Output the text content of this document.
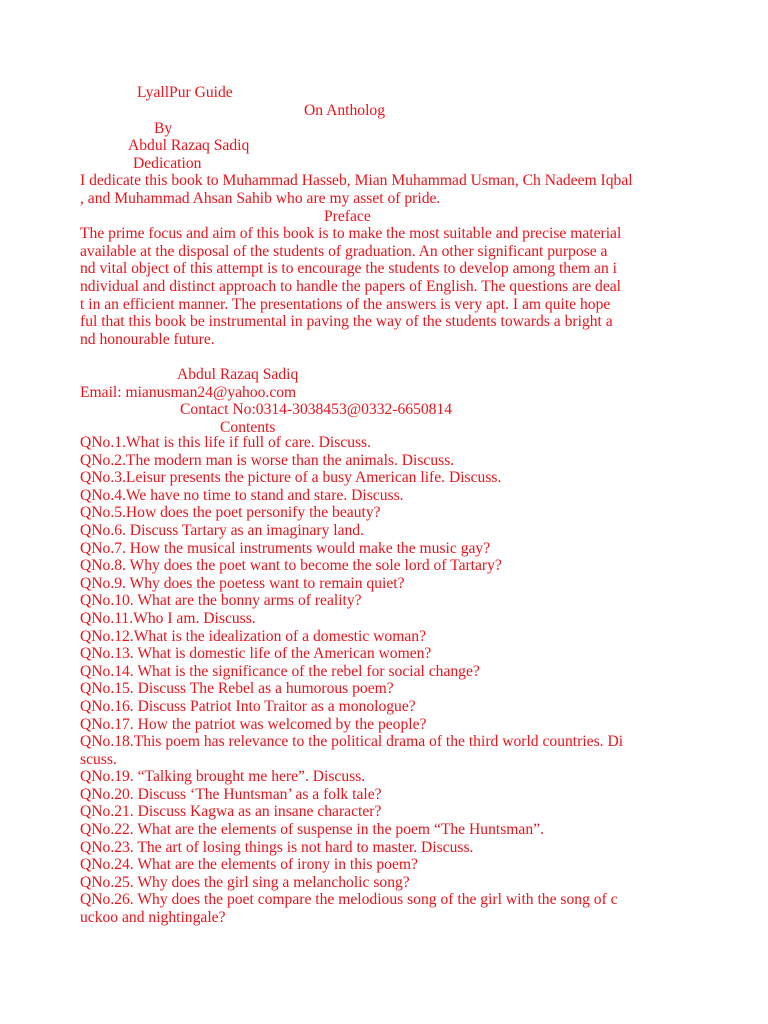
LyallPur Guide

On Antholog

By

Abdul Razaq Sadiq

Dedication

I dedicate this book to Muhammad Hasseb, Mian Muhammad Usman, Ch Nadeem Iqbal

, and Muhammad Ahsan Sahib who are my asset of pride.

Preface

The prime focus and aim of this book is to make the most suitable and precise material

available at the disposal of the students of graduation. An other significant purpose a

nd vital object of this attempt is to encourage the students to develop among them an i

ndividual and distinct approach to handle the papers of English. The questions are deal

t in an efficient manner. The presentations of the answers is very apt. I am quite hope

ful that this book be instrumental in paving the way of the students towards a bright a

nd honourable future.

Abdul Razaq Sadiq

Email: mianusman24@yahoo.com

Contact No:0314-3038453@0332-6650814

Contents

QNo.1.What is this life if full of care. Discuss.
QNo.2.The modern man is worse than the animals. Discuss.
QNo.3.Leisur presents the picture of a busy American life. Discuss.
QNo.4.We have no time to stand and stare. Discuss.
QNo.5.How does the poet personify the beauty?
QNo.6. Discuss Tartary as an imaginary land.
QNo.7. How the musical instruments would make the music gay?
QNo.8. Why does the poet want to become the sole lord of Tartary?
QNo.9. Why does the poetess want to remain quiet?
QNo.10. What are the bonny arms of reality?
QNo.11.Who I am. Discuss.
QNo.12.What is the idealization of a domestic woman?
QNo.13. What is domestic life of the American women?
QNo.14. What is the significance of the rebel for social change?
QNo.15. Discuss The Rebel as a humorous poem?
QNo.16. Discuss Patriot Into Traitor as a monologue?
QNo.17. How the patriot was welcomed by the people?
QNo.18.This poem has relevance to the political drama of the third world countries. Di
scuss.
QNo.19. “Talking brought me here”. Discuss.
QNo.20. Discuss ‘The Huntsman’ as a folk tale?
QNo.21. Discuss Kagwa as an insane character?
QNo.22. What are the elements of suspense in the poem “The Huntsman”.
QNo.23. The art of losing things is not hard to master. Discuss.
QNo.24. What are the elements of irony in this poem?
QNo.25. Why does the girl sing a melancholic song?
QNo.26. Why does the poet compare the melodious song of the girl with the song of c
uckoo and nightingale?
